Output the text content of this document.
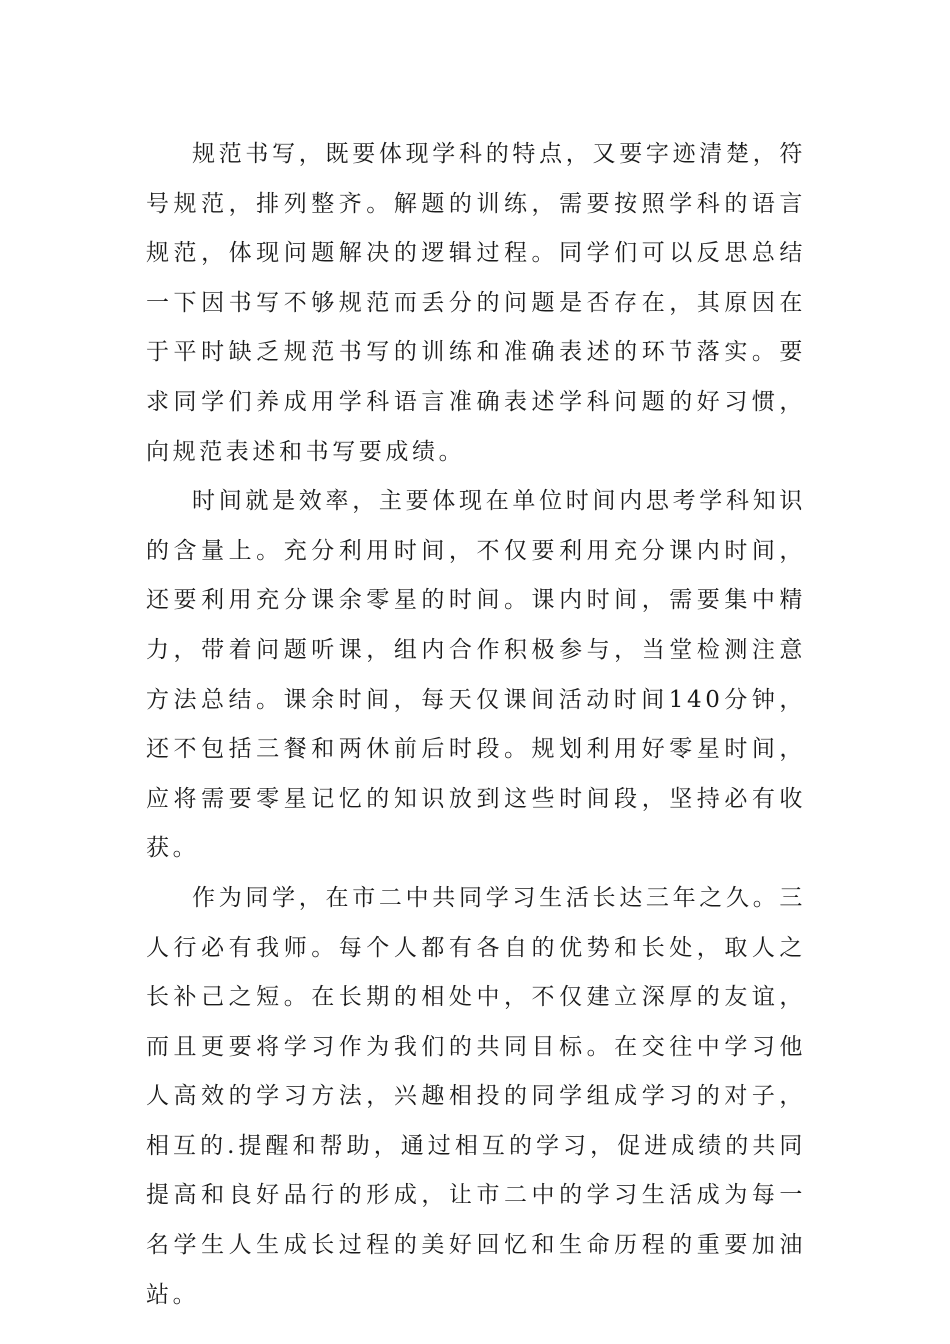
规范书写，既要体现学科的特点，又要字迹清楚，符号规范，排列整齐。解题的训练，需要按照学科的语言规范，体现问题解决的逻辑过程。同学们可以反思总结一下因书写不够规范而丢分的问题是否存在，其原因在于平时缺乏规范书写的训练和准确表述的环节落实。要求同学们养成用学科语言准确表述学科问题的好习惯，向规范表述和书写要成绩。

时间就是效率，主要体现在单位时间内思考学科知识的含量上。充分利用时间，不仅要利用充分课内时间，还要利用充分课余零星的时间。课内时间，需要集中精力，带着问题听课，组内合作积极参与，当堂检测注意方法总结。课余时间，每天仅课间活动时间140分钟，还不包括三餐和两休前后时段。规划利用好零星时间，应将需要零星记忆的知识放到这些时间段，坚持必有收获。

作为同学，在市二中共同学习生活长达三年之久。三人行必有我师。每个人都有各自的优势和长处，取人之长补己之短。在长期的相处中，不仅建立深厚的友谊，而且更要将学习作为我们的共同目标。在交往中学习他人高效的学习方法，兴趣相投的同学组成学习的对子，相互的.提醒和帮助，通过相互的学习，促进成绩的共同提高和良好品行的形成，让市二中的学习生活成为每一名学生人生成长过程的美好回忆和生命历程的重要加油站。
